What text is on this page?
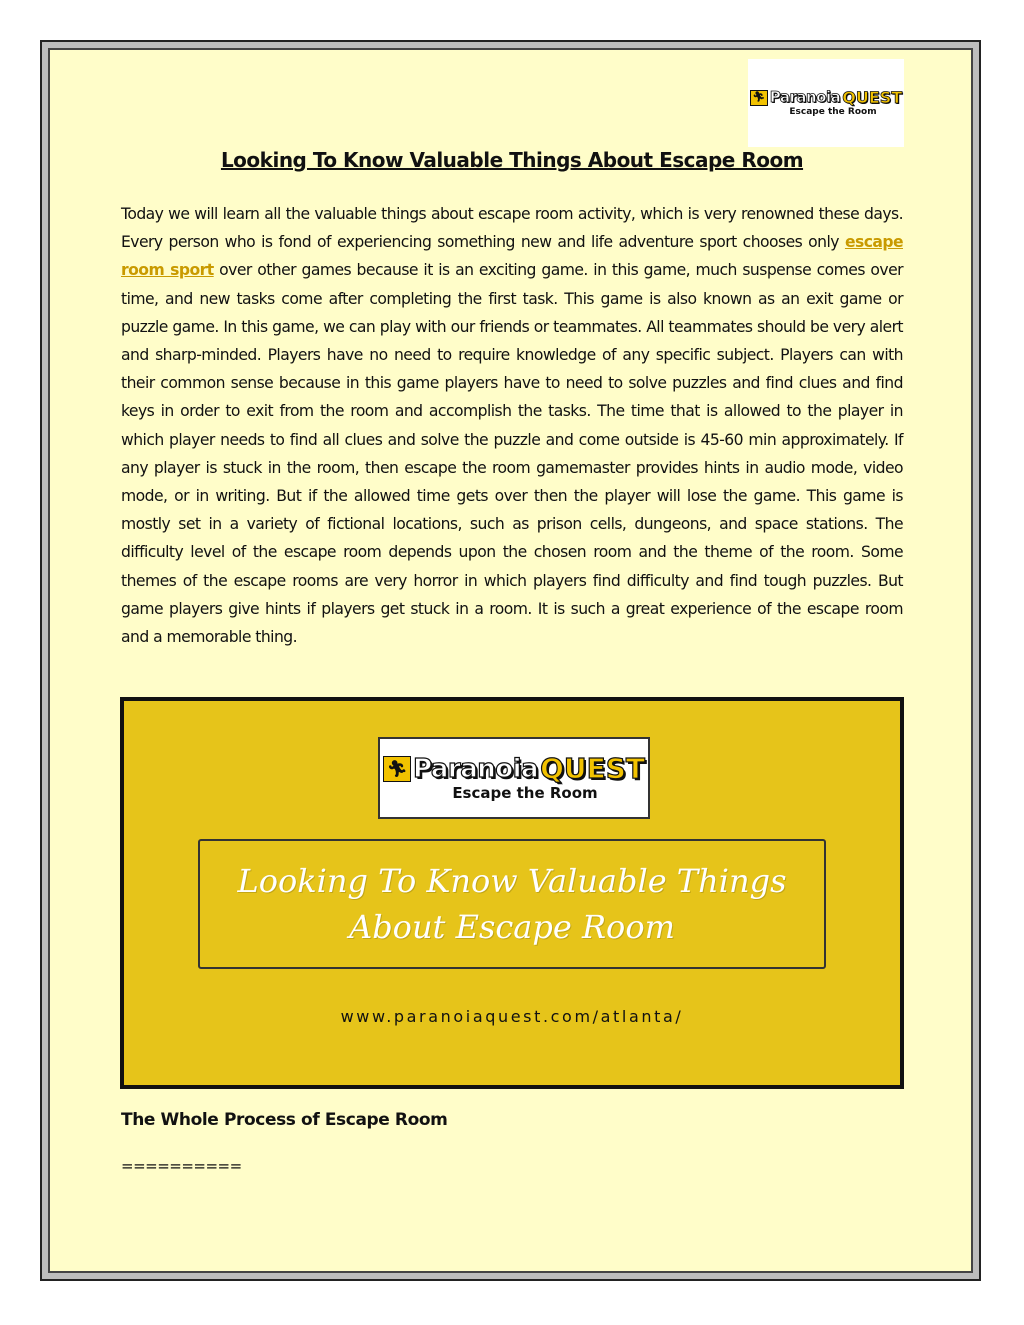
🏃︎ Paranoia QUEST
Escape the Room
Looking To Know Valuable Things About Escape Room

Today we will learn all the valuable things about escape room activity, which is very renowned these days. Every person who is fond of experiencing something new and life adventure sport chooses only escape room sport over other games because it is an exciting game. in this game, much suspense comes over time, and new tasks come after completing the first task. This game is also known as an exit game or puzzle game. In this game, we can play with our friends or teammates. All teammates should be very alert and sharp-minded. Players have no need to require knowledge of any specific subject. Players can with their common sense because in this game players have to need to solve puzzles and find clues and find keys in order to exit from the room and accomplish the tasks. The time that is allowed to the player in which player needs to find all clues and solve the puzzle and come outside is 45-60 min approximately. If any player is stuck in the room, then escape the room gamemaster provides hints in audio mode, video mode, or in writing. But if the allowed time gets over then the player will lose the game. This game is mostly set in a variety of fictional locations, such as prison cells, dungeons, and space stations. The difficulty level of the escape room depends upon the chosen room and the theme of the room. Some themes of the escape rooms are very horror in which players find difficulty and find tough puzzles. But game players give hints if players get stuck in a room. It is such a great experience of the escape room and a memorable thing.

🏃︎ Paranoia QUEST
Escape the Room
Looking To Know Valuable Things About Escape Room
www.paranoiaquest.com/atlanta/
The Whole Process of Escape Room
==========
